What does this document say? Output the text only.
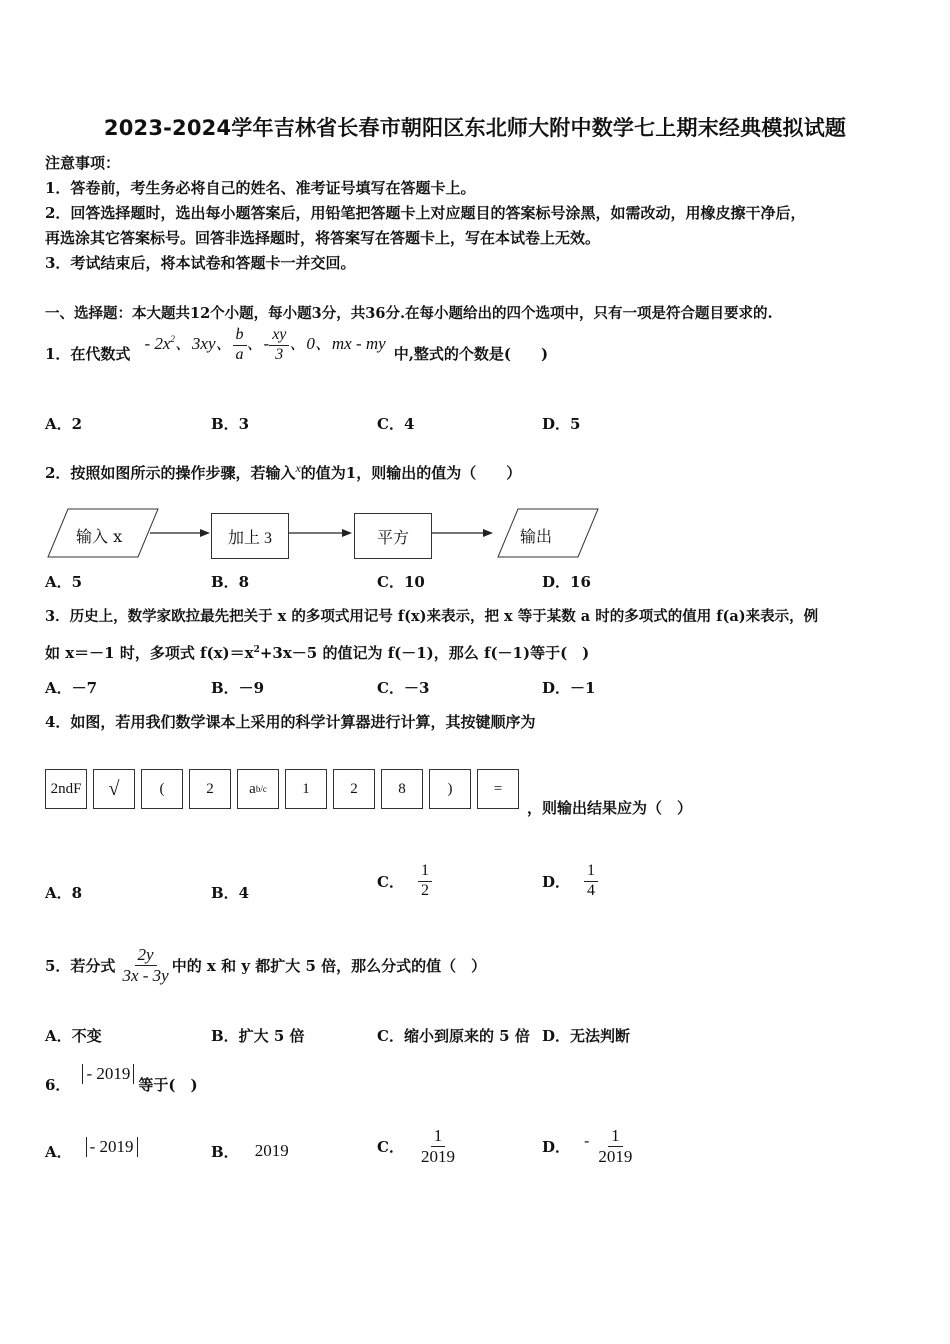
2023-2024学年吉林省长春市朝阳区东北师大附中数学七上期末经典模拟试题
注意事项：
1．答卷前，考生务必将自己的姓名、准考证号填写在答题卡上。
2．回答选择题时，选出每小题答案后，用铅笔把答题卡上对应题目的答案标号涂黑，如需改动，用橡皮擦干净后，
再选涂其它答案标号。回答非选择题时，将答案写在答题卡上，写在本试卷上无效。
3．考试结束后，将本试卷和答题卡一并交回。
一、选择题：本大题共12个小题，每小题3分，共36分.在每小题给出的四个选项中，只有一项是符合题目要求的.
1．在代数式
- $2x^2$、3xy、 $\frac{b}{a}$ 、- $\frac{xy}{3}$ 、0、mx - my
中,整式的个数是(　　)
A．2	B．3	C．4	D．5
2．按照如图所示的操作步骤，若输入$^x$的值为1，则输出的值为（　　）
输入 x	加上 3	平方	输出
A．5	B．8	C．10	D．16
3．历史上，数学家欧拉最先把关于 x 的多项式用记号 f(x)来表示，把 x 等于某数 a 时的多项式的值用 f(a)来表示，例
如 x＝－1 时，多项式 $f(x)=x^2+3x-5$ 的值记为 f(－1)，那么 f(－1)等于(　)
A．－7	B．－9	C．－3	D．－1
4．如图，若用我们数学课本上采用的科学计算器进行计算，其按键顺序为
2ndF	√	(	2	a b/c	1	2	8	)	=
，则输出结果应为（　）
A．8	B．4
C． $\frac{1}{2}$	D． $\frac{1}{4}$
5．若分式 $\frac{2y}{3x - 3y}$ 中的 x 和 y 都扩大 5 倍，那么分式的值（　）
A．不变	B．扩大 5 倍	C．缩小到原来的 5 倍 D．无法判断
6．
- 2019
等于(　)
A． - 2019	B． 2019	C． $\frac{1}{2019}$	D． - $\frac{1}{2019}$
